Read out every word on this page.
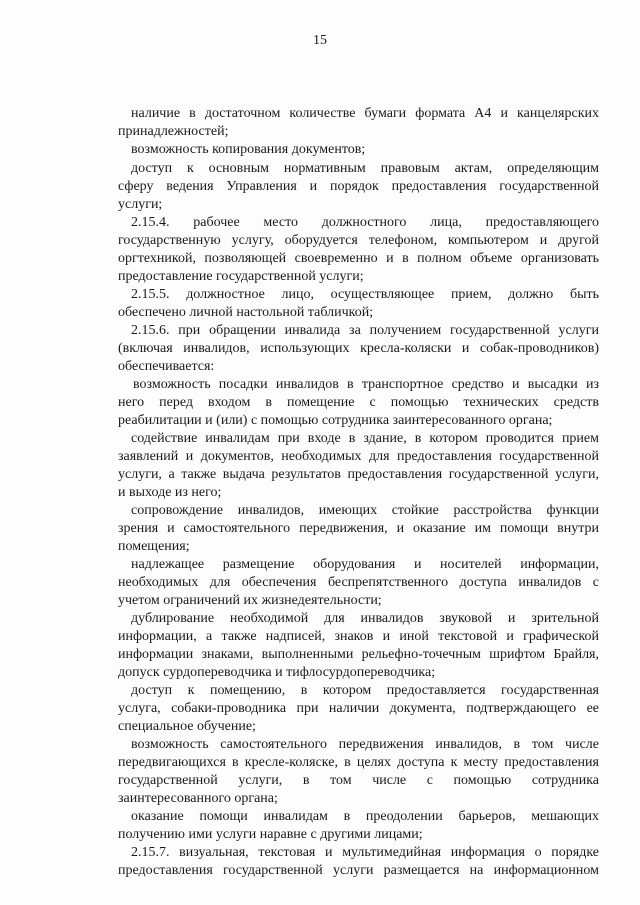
15
наличие в достаточном количестве бумаги формата А4 и канцелярских
принадлежностей;
возможность копирования документов;
доступ к основным нормативным правовым актам, определяющим
сферу ведения Управления и порядок предоставления государственной
услуги;
2.15.4. рабочее место должностного лица, предоставляющего
государственную услугу, оборудуется телефоном, компьютером и другой
оргтехникой, позволяющей своевременно и в полном объеме организовать
предоставление государственной услуги;
2.15.5. должностное лицо, осуществляющее прием, должно быть
обеспечено личной настольной табличкой;
2.15.6. при обращении инвалида за получением государственной услуги
(включая инвалидов, использующих кресла-коляски и собак-проводников)
обеспечивается:
возможность посадки инвалидов в транспортное средство и высадки из
него перед входом в помещение с помощью технических средств
реабилитации и (или) с помощью сотрудника заинтересованного органа;
содействие инвалидам при входе в здание, в котором проводится прием
заявлений и документов, необходимых для предоставления государственной
услуги, а также выдача результатов предоставления государственной услуги,
и выходе из него;
сопровождение инвалидов, имеющих стойкие расстройства функции
зрения и самостоятельного передвижения, и оказание им помощи внутри
помещения;
надлежащее размещение оборудования и носителей информации,
необходимых для обеспечения беспрепятственного доступа инвалидов с
учетом ограничений их жизнедеятельности;
дублирование необходимой для инвалидов звуковой и зрительной
информации, а также надписей, знаков и иной текстовой и графической
информации знаками, выполненными рельефно-точечным шрифтом Брайля,
допуск сурдопереводчика и тифлосурдопереводчика;
доступ к помещению, в котором предоставляется государственная
услуга, собаки-проводника при наличии документа, подтверждающего ее
специальное обучение;
возможность самостоятельного передвижения инвалидов, в том числе
передвигающихся в кресле-коляске, в целях доступа к месту предоставления
государственной услуги, в том числе с помощью сотрудника
заинтересованного органа;
оказание помощи инвалидам в преодолении барьеров, мешающих
получению ими услуги наравне с другими лицами;
2.15.7. визуальная, текстовая и мультимедийная информация о порядке
предоставления государственной услуги размещается на информационном
